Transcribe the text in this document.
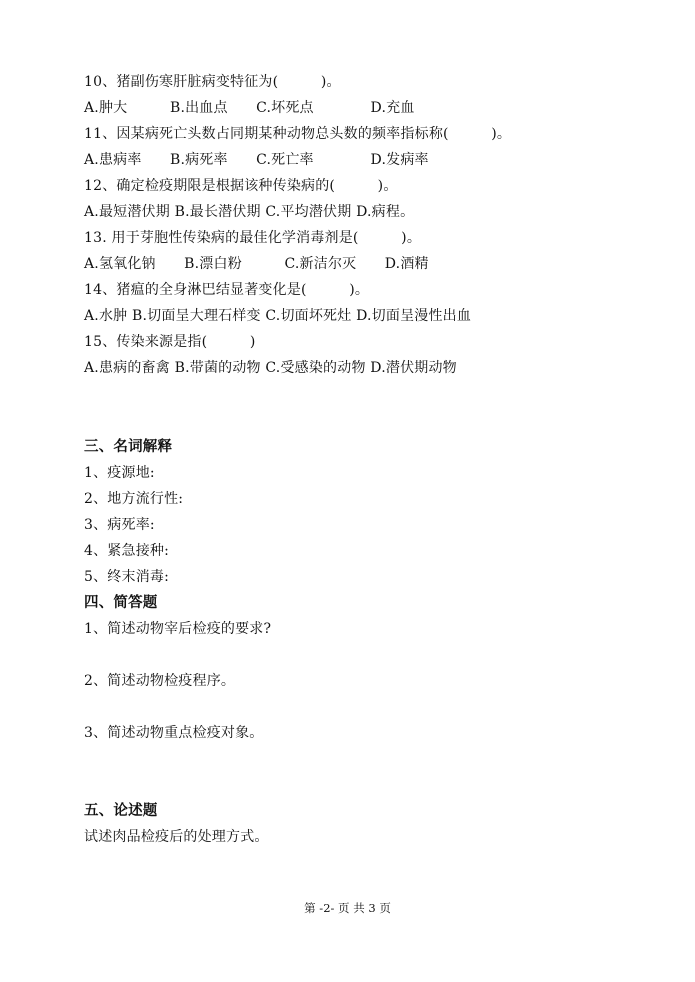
10、猪副伤寒肝脏病变特征为(　　　)。
A.肿大　　　B.出血点　　C.坏死点　　　　D.充血
11、因某病死亡头数占同期某种动物总头数的频率指标称(　　　)。
A.患病率　　B.病死率　　C.死亡率　　　　D.发病率
12、确定检疫期限是根据该种传染病的(　　　)。
A.最短潜伏期 B.最长潜伏期 C.平均潜伏期 D.病程。
13. 用于芽胞性传染病的最佳化学消毒剂是(　　　)。
A.氢氧化钠　　B.漂白粉　　　C.新洁尔灭　　D.酒精
14、猪瘟的全身淋巴结显著变化是(　　　)。
A.水肿 B.切面呈大理石样变 C.切面坏死灶 D.切面呈漫性出血
15、传染来源是指(　　　)
A.患病的畜禽 B.带菌的动物 C.受感染的动物 D.潜伏期动物
三、名词解释
1、疫源地:
2、地方流行性:
3、病死率:
4、紧急接种:
5、终末消毒:
四、简答题
1、简述动物宰后检疫的要求?
2、简述动物检疫程序。
3、简述动物重点检疫对象。
五、论述题
试述肉品检疫后的处理方式。
第 -2- 页 共 3 页
